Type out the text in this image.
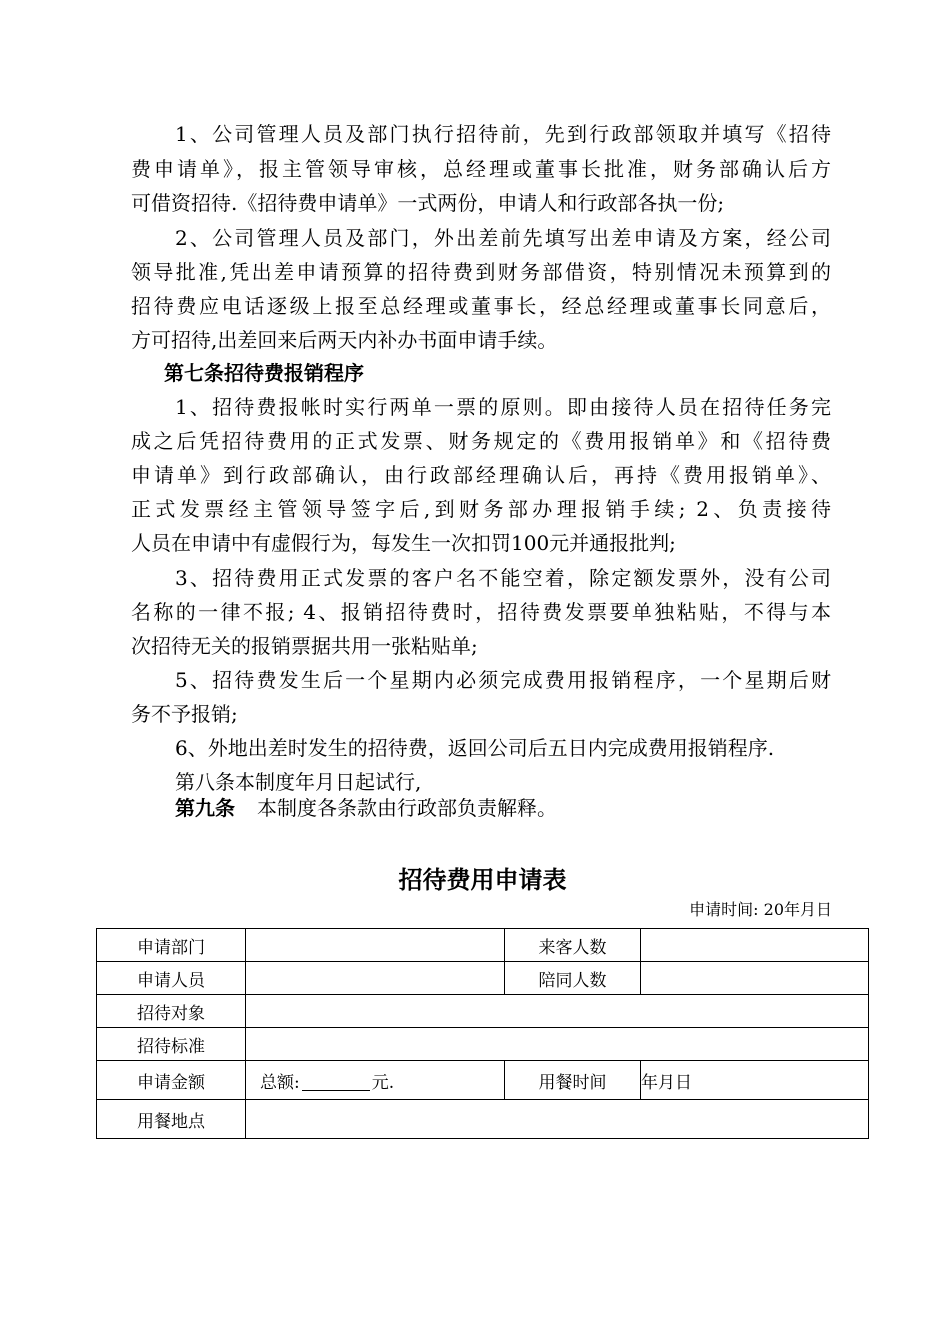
1、公司管理人员及部门执行招待前，先到行政部领取并填写《招待
费申请单》，报主管领导审核，总经理或董事长批准，财务部确认后方
可借资招待.《招待费申请单》一式两份，申请人和行政部各执一份;
2、公司管理人员及部门，外出差前先填写出差申请及方案，经公司
领导批准,凭出差申请预算的招待费到财务部借资，特别情况未预算到的
招待费应电话逐级上报至总经理或董事长，经总经理或董事长同意后，
方可招待,出差回来后两天内补办书面申请手续。
第七条招待费报销程序
1、招待费报帐时实行两单一票的原则。即由接待人员在招待任务完
成之后凭招待费用的正式发票、财务规定的《费用报销单》和《招待费
申请单》到行政部确认，由行政部经理确认后，再持《费用报销单》、
正式发票经主管领导签字后,到财务部办理报销手续; 2、负责接待
人员在申请中有虚假行为，每发生一次扣罚100元并通报批判;
3、招待费用正式发票的客户名不能空着，除定额发票外，没有公司
名称的一律不报; 4、报销招待费时，招待费发票要单独粘贴，不得与本
次招待无关的报销票据共用一张粘贴单;
5、招待费发生后一个星期内必须完成费用报销程序，一个星期后财
务不予报销;
6、外地出差时发生的招待费，返回公司后五日内完成费用报销程序.
第八条本制度年月日起试行,
第九条 本制度各条款由行政部负责解释。
招待费用申请表
申请时间: 20年月日
申请部门		来客人数	
申请人员		陪同人数	
招待对象			
招待标准			
申请金额	总额: 元.	用餐时间	年月日
用餐地点			
